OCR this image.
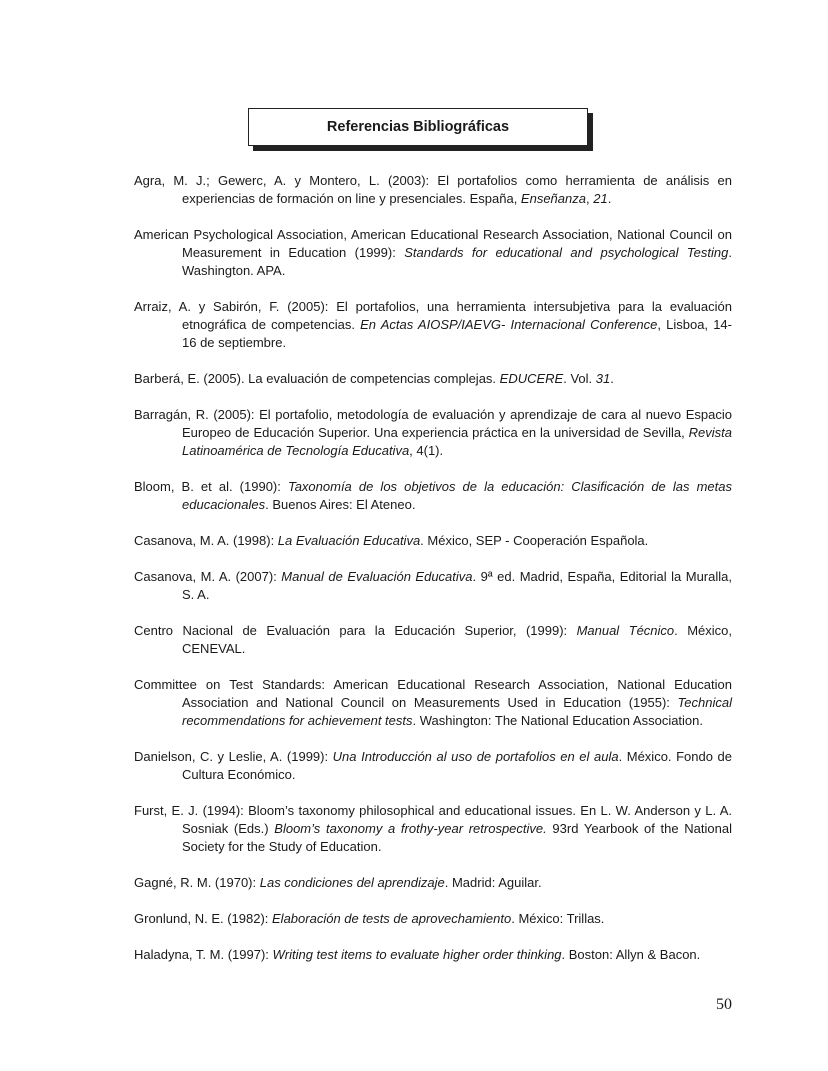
Referencias Bibliográficas

Agra, M. J.; Gewerc, A. y Montero, L. (2003): El portafolios como herramienta de análisis en experiencias de formación on line y presenciales. España, Enseñanza, 21.

American Psychological Association, American Educational Research Association, National Council on Measurement in Education (1999): Standards for educational and psychological Testing. Washington. APA.

Arraiz, A. y Sabirón, F. (2005): El portafolios, una herramienta intersubjetiva para la evaluación etnográfica de competencias. En Actas AIOSP/IAEVG- Internacional Conference, Lisboa, 14-16 de septiembre.

Barberá, E. (2005). La evaluación de competencias complejas. EDUCERE. Vol. 31.

Barragán, R. (2005): El portafolio, metodología de evaluación y aprendizaje de cara al nuevo Espacio Europeo de Educación Superior. Una experiencia práctica en la universidad de Sevilla, Revista Latinoamérica de Tecnología Educativa, 4(1).

Bloom, B. et al. (1990): Taxonomía de los objetivos de la educación: Clasificación de las metas educacionales. Buenos Aires: El Ateneo.

Casanova, M. A. (1998): La Evaluación Educativa. México, SEP - Cooperación Española.

Casanova, M. A. (2007): Manual de Evaluación Educativa. 9ª ed. Madrid, España, Editorial la Muralla, S. A.

Centro Nacional de Evaluación para la Educación Superior, (1999): Manual Técnico. México, CENEVAL.

Committee on Test Standards: American Educational Research Association, National Education Association and National Council on Measurements Used in Education (1955): Technical recommendations for achievement tests. Washington: The National Education Association.

Danielson, C. y Leslie, A. (1999): Una Introducción al uso de portafolios en el aula. México. Fondo de Cultura Económico.

Furst, E. J. (1994): Bloom’s taxonomy philosophical and educational issues. En L. W. Anderson y L. A. Sosniak (Eds.) Bloom’s taxonomy a frothy-year retrospective. 93rd Yearbook of the National Society for the Study of Education.

Gagné, R. M. (1970): Las condiciones del aprendizaje. Madrid: Aguilar.

Gronlund, N. E. (1982): Elaboración de tests de aprovechamiento. México: Trillas.

Haladyna, T. M. (1997): Writing test items to evaluate higher order thinking. Boston: Allyn & Bacon.

50
